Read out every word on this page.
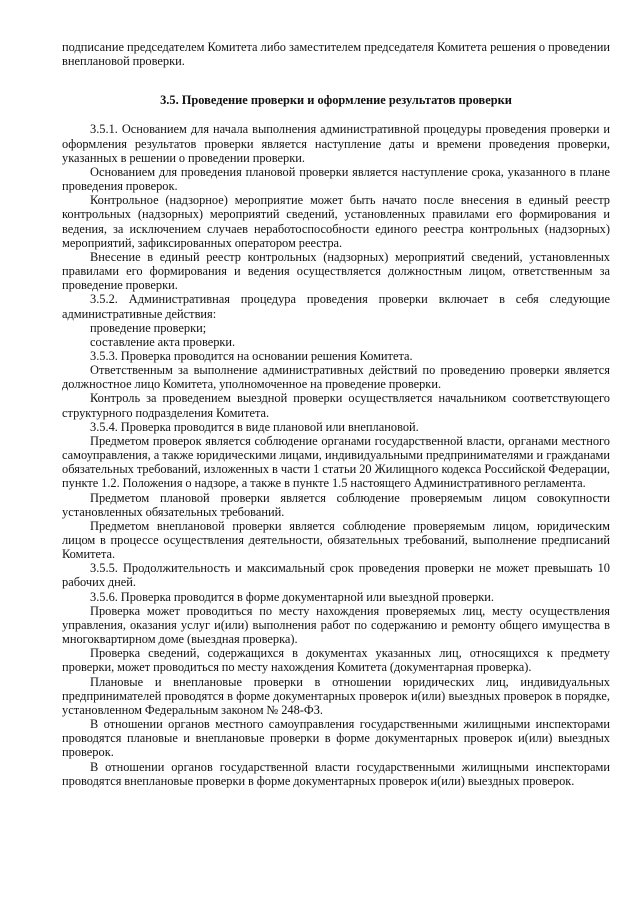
подписание председателем Комитета либо заместителем председателя Комитета решения о проведении внеплановой проверки.

3.5. Проведение проверки и оформление результатов проверки

3.5.1. Основанием для начала выполнения административной процедуры проведения проверки и оформления результатов проверки является наступление даты и времени проведения проверки, указанных в решении о проведении проверки.

Основанием для проведения плановой проверки является наступление срока, указанного в плане проведения проверок.

Контрольное (надзорное) мероприятие может быть начато после внесения в единый реестр контрольных (надзорных) мероприятий сведений, установленных правилами его формирования и ведения, за исключением случаев неработоспособности единого реестра контрольных (надзорных) мероприятий, зафиксированных оператором реестра.

Внесение в единый реестр контрольных (надзорных) мероприятий сведений, установленных правилами его формирования и ведения осуществляется должностным лицом, ответственным за проведение проверки.

3.5.2. Административная процедура проведения проверки включает в себя следующие административные действия:

проведение проверки;

составление акта проверки.

3.5.3. Проверка проводится на основании решения Комитета.

Ответственным за выполнение административных действий по проведению проверки является должностное лицо Комитета, уполномоченное на проведение проверки.

Контроль за проведением выездной проверки осуществляется начальником соответствующего структурного подразделения Комитета.

3.5.4. Проверка проводится в виде плановой или внеплановой.

Предметом проверок является соблюдение органами государственной власти, органами местного самоуправления, а также юридическими лицами, индивидуальными предпринимателями и гражданами обязательных требований, изложенных в части 1 статьи 20 Жилищного кодекса Российской Федерации, пункте 1.2. Положения о надзоре, а также в пункте 1.5 настоящего Административного регламента.

Предметом плановой проверки является соблюдение проверяемым лицом совокупности установленных обязательных требований.

Предметом внеплановой проверки является соблюдение проверяемым лицом, юридическим лицом в процессе осуществления деятельности, обязательных требований, выполнение предписаний Комитета.

3.5.5. Продолжительность и максимальный срок проведения проверки не может превышать 10 рабочих дней.

3.5.6. Проверка проводится в форме документарной или выездной проверки.

Проверка может проводиться по месту нахождения проверяемых лиц, месту осуществления управления, оказания услуг и(или) выполнения работ по содержанию и ремонту общего имущества в многоквартирном доме (выездная проверка).

Проверка сведений, содержащихся в документах указанных лиц, относящихся к предмету проверки, может проводиться по месту нахождения Комитета (документарная проверка).

Плановые и внеплановые проверки в отношении юридических лиц, индивидуальных предпринимателей проводятся в форме документарных проверок и(или) выездных проверок в порядке, установленном Федеральным законом № 248-ФЗ.

В отношении органов местного самоуправления государственными жилищными инспекторами проводятся плановые и внеплановые проверки в форме документарных проверок и(или) выездных проверок.

В отношении органов государственной власти государственными жилищными инспекторами проводятся внеплановые проверки в форме документарных проверок и(или) выездных проверок.
